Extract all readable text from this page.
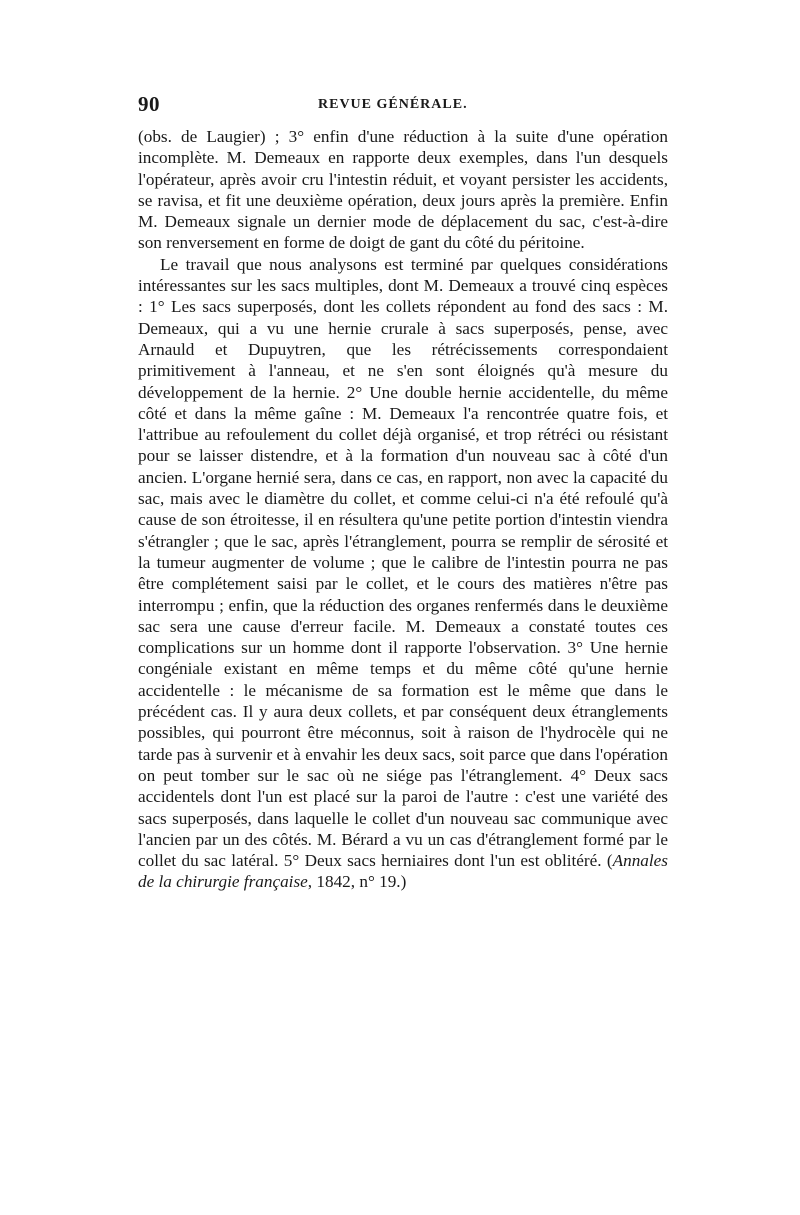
90	REVUE GÉNÉRALE.

(obs. de Laugier) ; 3° enfin d'une réduction à la suite d'une opération incomplète. M. Demeaux en rapporte deux exemples, dans l'un desquels l'opérateur, après avoir cru l'intestin réduit, et voyant persister les accidents, se ravisa, et fit une deuxième opération, deux jours après la première. Enfin M. Demeaux signale un dernier mode de déplacement du sac, c'est-à-dire son renversement en forme de doigt de gant du côté du péritoine.

Le travail que nous analysons est terminé par quelques considérations intéressantes sur les sacs multiples, dont M. Demeaux a trouvé cinq espèces : 1° Les sacs superposés, dont les collets répondent au fond des sacs : M. Demeaux, qui a vu une hernie crurale à sacs superposés, pense, avec Arnauld et Dupuytren, que les rétrécissements correspondaient primitivement à l'anneau, et ne s'en sont éloignés qu'à mesure du développement de la hernie. 2° Une double hernie accidentelle, du même côté et dans la même gaîne : M. Demeaux l'a rencontrée quatre fois, et l'attribue au refoulement du collet déjà organisé, et trop rétréci ou résistant pour se laisser distendre, et à la formation d'un nouveau sac à côté d'un ancien. L'organe hernié sera, dans ce cas, en rapport, non avec la capacité du sac, mais avec le diamètre du collet, et comme celui-ci n'a été refoulé qu'à cause de son étroitesse, il en résultera qu'une petite portion d'intestin viendra s'étrangler ; que le sac, après l'étranglement, pourra se remplir de sérosité et la tumeur augmenter de volume ; que le calibre de l'intestin pourra ne pas être complétement saisi par le collet, et le cours des matières n'être pas interrompu ; enfin, que la réduction des organes renfermés dans le deuxième sac sera une cause d'erreur facile. M. Demeaux a constaté toutes ces complications sur un homme dont il rapporte l'observation. 3° Une hernie congéniale existant en même temps et du même côté qu'une hernie accidentelle : le mécanisme de sa formation est le même que dans le précédent cas. Il y aura deux collets, et par conséquent deux étranglements possibles, qui pourront être méconnus, soit à raison de l'hydrocèle qui ne tarde pas à survenir et à envahir les deux sacs, soit parce que dans l'opération on peut tomber sur le sac où ne siége pas l'étranglement. 4° Deux sacs accidentels dont l'un est placé sur la paroi de l'autre : c'est une variété des sacs superposés, dans laquelle le collet d'un nouveau sac communique avec l'ancien par un des côtés. M. Bérard a vu un cas d'étranglement formé par le collet du sac latéral. 5° Deux sacs herniaires dont l'un est oblitéré. (Annales de la chirurgie française, 1842, n° 19.)
